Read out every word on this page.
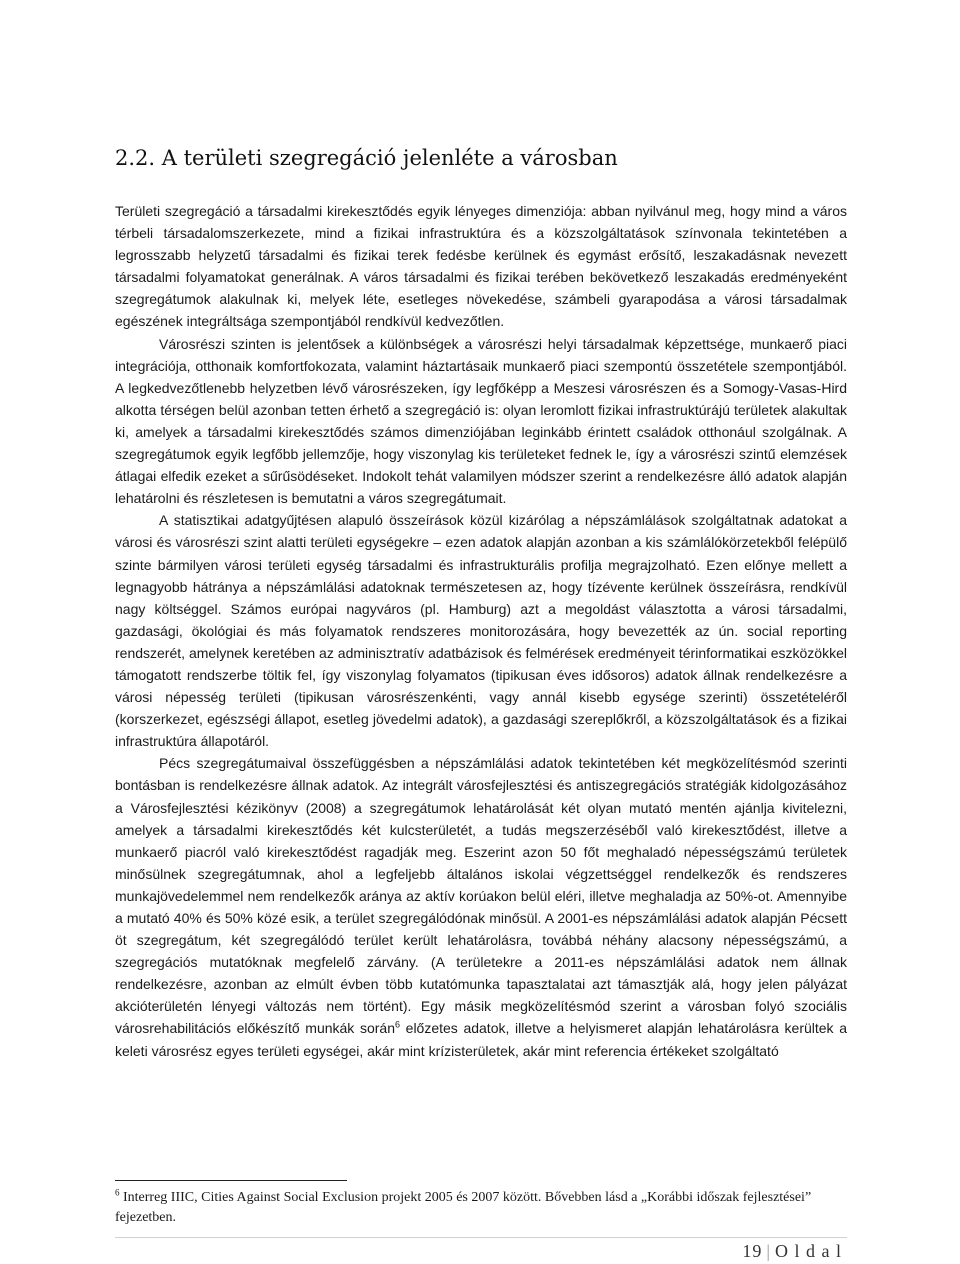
2.2. A területi szegregáció jelenléte a városban

Területi szegregáció a társadalmi kirekesztődés egyik lényeges dimenziója: abban nyilvánul meg, hogy mind a város térbeli társadalomszerkezete, mind a fizikai infrastruktúra és a közszolgáltatások színvonala tekintetében a legrosszabb helyzetű társadalmi és fizikai terek fedésbe kerülnek és egymást erősítő, leszakadásnak nevezett társadalmi folyamatokat generálnak. A város társadalmi és fizikai terében bekövetkező leszakadás eredményeként szegregátumok alakulnak ki, melyek léte, esetleges növekedése, számbeli gyarapodása a városi társadalmak egészének integráltsága szempontjából rendkívül kedvezőtlen.

Városrészi szinten is jelentősek a különbségek a városrészi helyi társadalmak képzettsége, munkaerő piaci integrációja, otthonaik komfortfokozata, valamint háztartásaik munkaerő piaci szempontú összetétele szempontjából. A legkedvezőtlenebb helyzetben lévő városrészeken, így legfőképp a Meszesi városrészen és a Somogy-Vasas-Hird alkotta térségen belül azonban tetten érhető a szegregáció is: olyan leromlott fizikai infrastruktúrájú területek alakultak ki, amelyek a társadalmi kirekesztődés számos dimenziójában leginkább érintett családok otthonául szolgálnak. A szegregátumok egyik legfőbb jellemzője, hogy viszonylag kis területeket fednek le, így a városrészi szintű elemzések átlagai elfedik ezeket a sűrűsödéseket. Indokolt tehát valamilyen módszer szerint a rendelkezésre álló adatok alapján lehatárolni és részletesen is bemutatni a város szegregátumait.

A statisztikai adatgyűjtésen alapuló összeírások közül kizárólag a népszámlálások szolgáltatnak adatokat a városi és városrészi szint alatti területi egységekre – ezen adatok alapján azonban a kis számlálókörzetekből felépülő szinte bármilyen városi területi egység társadalmi és infrastrukturális profilja megrajzolható. Ezen előnye mellett a legnagyobb hátránya a népszámlálási adatoknak természetesen az, hogy tízévente kerülnek összeírásra, rendkívül nagy költséggel. Számos európai nagyváros (pl. Hamburg) azt a megoldást választotta a városi társadalmi, gazdasági, ökológiai és más folyamatok rendszeres monitorozására, hogy bevezették az ún. social reporting rendszerét, amelynek keretében az adminisztratív adatbázisok és felmérések eredményeit térinformatikai eszközökkel támogatott rendszerbe töltik fel, így viszonylag folyamatos (tipikusan éves idősoros) adatok állnak rendelkezésre a városi népesség területi (tipikusan városrészenkénti, vagy annál kisebb egysége szerinti) összetételéről (korszerkezet, egészségi állapot, esetleg jövedelmi adatok), a gazdasági szereplőkről, a közszolgáltatások és a fizikai infrastruktúra állapotáról.

Pécs szegregátumaival összefüggésben a népszámlálási adatok tekintetében két megközelítésmód szerinti bontásban is rendelkezésre állnak adatok. Az integrált városfejlesztési és antiszegregációs stratégiák kidolgozásához a Városfejlesztési kézikönyv (2008) a szegregátumok lehatárolását két olyan mutató mentén ajánlja kivitelezni, amelyek a társadalmi kirekesztődés két kulcsterületét, a tudás megszerzéséből való kirekesztődést, illetve a munkaerő piacról való kirekesztődést ragadják meg. Eszerint azon 50 főt meghaladó népességszámú területek minősülnek szegregátumnak, ahol a legfeljebb általános iskolai végzettséggel rendelkezők és rendszeres munkajövedelemmel nem rendelkezők aránya az aktív korúakon belül eléri, illetve meghaladja az 50%-ot. Amennyibe a mutató 40% és 50% közé esik, a terület szegregálódónak minősül. A 2001-es népszámlálási adatok alapján Pécsett öt szegregátum, két szegregálódó terület került lehatárolásra, továbbá néhány alacsony népességszámú, a szegregációs mutatóknak megfelelő zárvány. (A területekre a 2011-es népszámlálási adatok nem állnak rendelkezésre, azonban az elmúlt évben több kutatómunka tapasztalatai azt támasztják alá, hogy jelen pályázat akcióterületén lényegi változás nem történt). Egy másik megközelítésmód szerint a városban folyó szociális városrehabilitációs előkészítő munkák során$^6$ előzetes adatok, illetve a helyismeret alapján lehatárolásra kerültek a keleti városrész egyes területi egységei, akár mint krízisterületek, akár mint referencia értékeket szolgáltató

$^6$ Interreg IIIC, Cities Against Social Exclusion projekt 2005 és 2007 között. Bővebben lásd a „Korábbi időszak fejlesztései” fejezetben.
19 | O l d a l
